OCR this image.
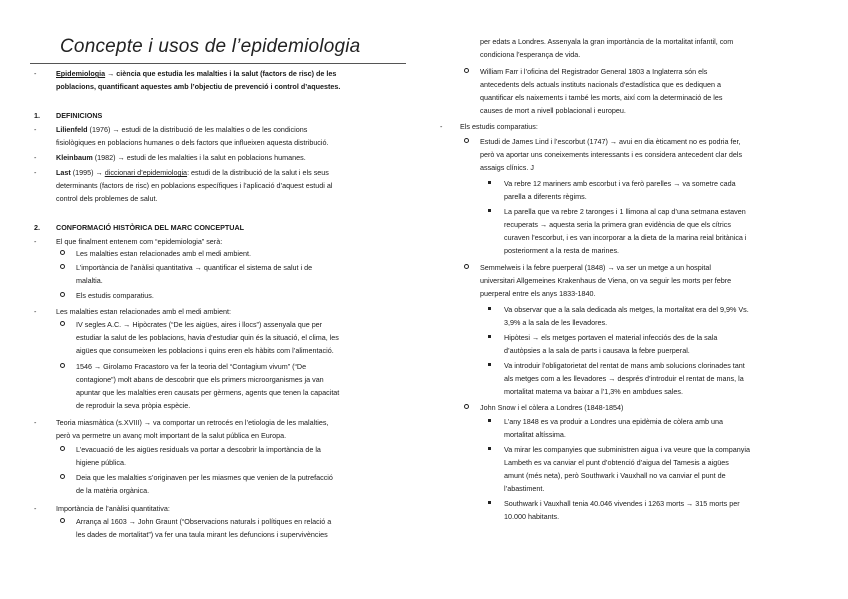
Concepte i usos de l’epidemiologia
-	Epidemiologia → ciència que estudia les malalties i la salut (factors de risc) de les
poblacions, quantificant aquestes amb l’objectiu de prevenció i control d’aquestes.
1. DEFINICIONS
-	Lilienfeld (1976) → estudi de la distribució de les malalties o de les condicions
fisiològiques en poblacions humanes o dels factors que influeixen aquesta distribució.
-	Kleinbaum (1982) → estudi de les malalties i la salut en poblacions humanes.
-	Last (1995) → diccionari d’epidemiologia: estudi de la distribució de la salut i els seus
determinants (factors de risc) en poblacions específiques i l’aplicació d’aquest estudi al
control dels problemes de salut.
2. CONFORMACIÓ HISTÒRICA DEL MARC CONCEPTUAL
-	El que finalment entenem com “epidemiologia” serà:
Les malalties estan relacionades amb el medi ambient.
L’importància de l’anàlisi quantitativa → quantificar el sistema de salut i de
malaltia.
Els estudis comparatius.
-	Les malalties estan relacionades amb el medi ambient:
IV segles A.C. → Hipòcrates (“De les aigües, aires i llocs”) assenyala que per
estudiar la salut de les poblacions, havia d’estudiar quin és la situació, el clima, les
aigües que consumeixen les poblacions i quins eren els hàbits com l’alimentació.
1546 → Girolamo Fracastoro va fer la teoria del “Contagium vivum” (“De
contagione”) molt abans de descobrir que els primers microorganismes ja van
apuntar que les malalties eren causats per gèrmens, agents que tenen la capacitat
de reproduir la seva pròpia espècie.
-	Teoria miasmàtica (s.XVIII) → va comportar un retrocés en l’etiologia de les malalties,
però va permetre un avanç molt important de la salut pública en Europa.
L’evacuació de les aigües residuals va portar a descobrir la importància de la
higiene pública.
Deia que les malalties s’originaven per les miasmes que venien de la putrefacció
de la matèria orgànica.
-	Importància de l’anàlisi quantitativa:
Arrança al 1603 → John Graunt (“Observacions naturals i polítiques en relació a
les dades de mortalitat”) va fer una taula mirant les defuncions i supervivències
per edats a Londres. Assenyala la gran importància de la mortalitat infantil, com
condiciona l’esperança de vida.
William Farr i l’oficina del Registrador General 1803 a Inglaterra són els
antecedents dels actuals instituts nacionals d’estadística que es dediquen a
quantificar els naixements i també les morts, així com la determinació de les
causes de mort a nivell poblacional i europeu.
- Els estudis comparatius:
Estudi de James Lind i l’escorbut (1747) → avui en dia èticament no es podria fer,
però va aportar uns coneixements interessants i es considera antecedent clar dels
assaigs clínics. J
Va rebre 12 mariners amb escorbut i va ferò parelles → va sometre cada
parella a diferents règims.
La parella que va rebre 2 taronges i 1 llimona al cap d’una setmana estaven
recuperats → aquesta seria la primera gran evidència de que els cítrics
curaven l’escorbut, i es van incorporar a la dieta de la marina reial britànica i
posteriorment a la resta de marines.
Semmelweis i la febre puerperal (1848) → va ser un metge a un hospital
universitari Allgemeines Krakenhaus de Viena, on va seguir les morts per febre
puerperal entre els anys 1833-1840.
Va observar que a la sala dedicada als metges, la mortalitat era del 9,9% Vs.
3,9% a la sala de les llevadores.
Hipòtesi → els metges portaven el material infecciós des de la sala
d’autòpsies a la sala de parts i causava la febre puerperal.
Va introduir l’obligatorietat del rentat de mans amb solucions clorinades tant
als metges com a les llevadores → després d’introduir el rentat de mans, la
mortalitat materna va baixar a l’1,3% en ambdues sales.
John Snow i el còlera a Londres (1848-1854)
L’any 1848 es va produir a Londres una epidèmia de còlera amb una
mortalitat altíssima.
Va mirar les companyies que subministren aigua i va veure que la companyia
Lambeth es va canviar el punt d’obtenció d’aigua del Tamesis a aigües
amunt (més neta), però Southwark i Vauxhall no va canviar el punt de
l’abastiment.
Southwark i Vauxhall tenia 40.046 vivendes i 1263 morts → 315 morts per
10.000 habitants.
